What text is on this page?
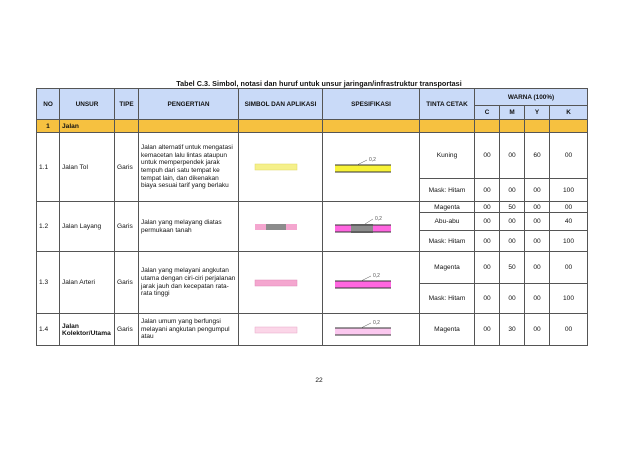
Tabel C.3. Simbol, notasi dan huruf untuk unsur jaringan/infrastruktur transportasi
NO	UNSUR	TIPE	PENGERTIAN	SIMBOL DAN APLIKASI	SPESIFIKASI	TINTA CETAK	WARNA (100%)			
							C	M	Y	K
1	Jalan									
1.1	Jalan Tol	Garis	Jalan alternatif untuk mengatasi kemacetan lalu lintas ataupun untuk memperpendek jarak tempuh dari satu tempat ke tempat lain, dan dikenakan biaya sesuai tarif yang berlaku		0,2	Kuning	00	00	60	00
						Mask: Hitam	00	00	00	100
1.2	Jalan Layang	Garis	Jalan yang melayang diatas permukaan tanah		0,2	Magenta	00	50	00	00
						Abu-abu	00	00	00	40
						Mask: Hitam	00	00	00	100
1.3	Jalan Arteri	Garis	Jalan yang melayani angkutan utama dengan ciri-ciri perjalanan jarak jauh dan kecepatan rata-rata tinggi		0,2	Magenta	00	50	00	00
						Mask: Hitam	00	00	00	100
1.4	Jalan Kolektor/Utama	Garis	Jalan umum yang berfungsi melayani angkutan pengumpul atau		0,2	Magenta	00	30	00	00
22
